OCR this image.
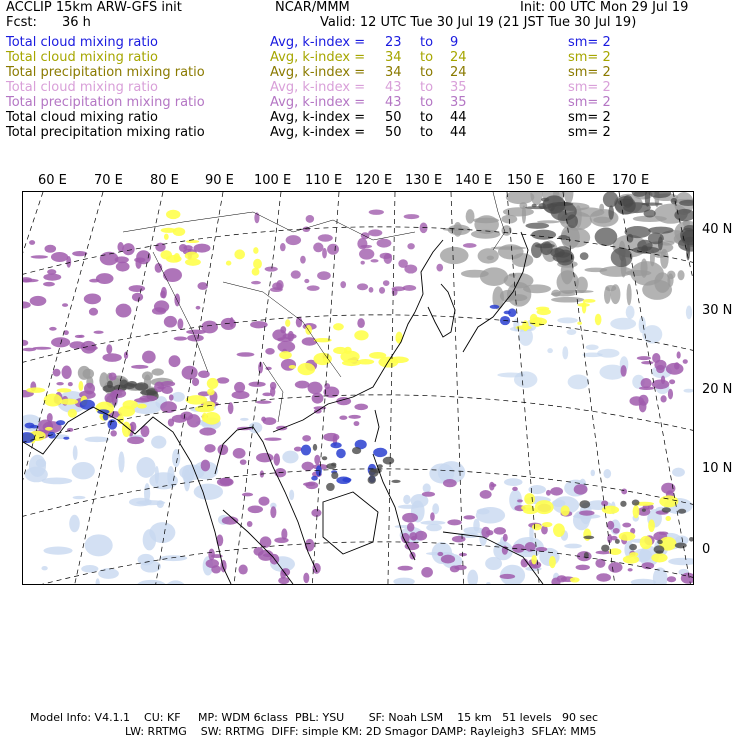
ACCLIP 15km ARW-GFS init	NCAR/MMM	Init: 00 UTC Mon 29 Jul 19
Fcst: 36 h	Valid: 12 UTC Tue 30 Jul 19 (21 JST Tue 30 Jul 19)
Total cloud mixing ratio	Avg, k-index = 23 to 9	sm= 2
Total cloud mixing ratio	Avg, k-index = 34 to 24	sm= 2
Total precipitation mixing ratio	Avg, k-index = 34 to 24	sm= 2
Total cloud mixing ratio	Avg, k-index = 43 to 35	sm= 2
Total precipitation mixing ratio	Avg, k-index = 43 to 35	sm= 2
Total cloud mixing ratio	Avg, k-index = 50 to 44	sm= 2
Total precipitation mixing ratio	Avg, k-index = 50 to 44	sm= 2
60 E 70 E 80 E 90 E 100 E 110 E 120 E 130 E 140 E 150 E 160 E 170 E
40 N
30 N
20 N
10 N
0
Model Info: V4.1.1    CU: KF     MP: WDM 6class  PBL: YSU       SF: Noah LSM    15 km   51 levels   90 sec
LW: RRTMG    SW: RRTMG  DIFF: simple KM: 2D Smagor DAMP: Rayleigh3  SFLAY: MM5
